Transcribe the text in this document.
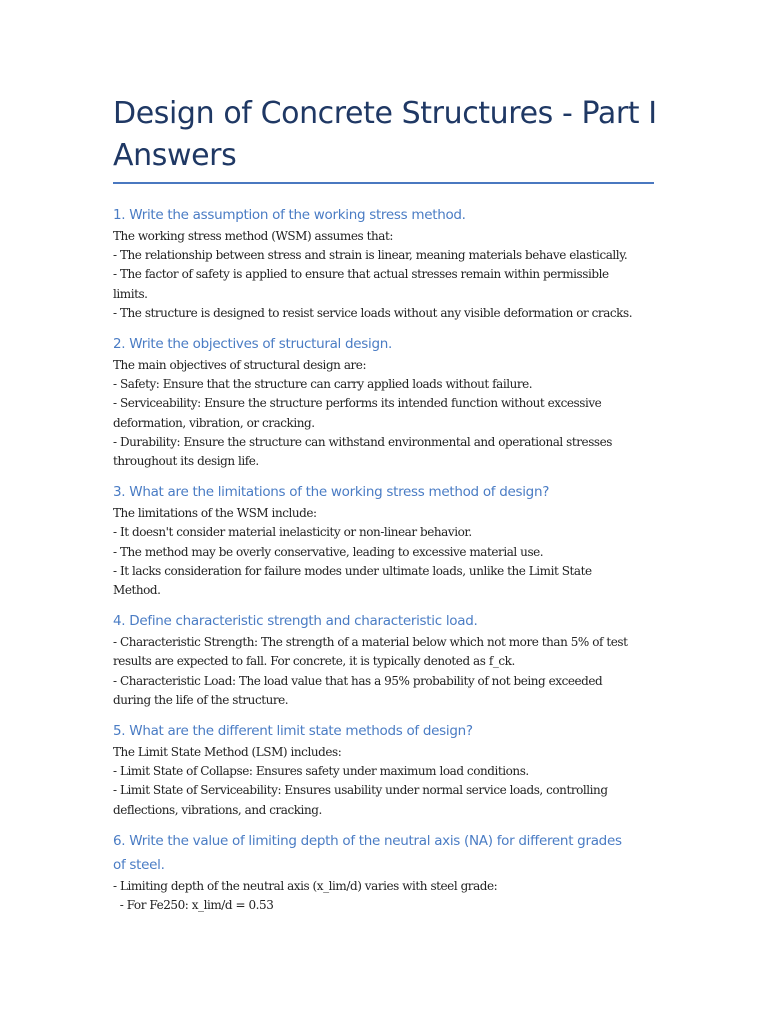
Design of Concrete Structures - Part I
Answers
1. Write the assumption of the working stress method.

The working stress method (WSM) assumes that:

- The relationship between stress and strain is linear, meaning materials behave elastically.

- The factor of safety is applied to ensure that actual stresses remain within permissible

limits.

- The structure is designed to resist service loads without any visible deformation or cracks.

2. Write the objectives of structural design.

The main objectives of structural design are:

- Safety: Ensure that the structure can carry applied loads without failure.

- Serviceability: Ensure the structure performs its intended function without excessive

deformation, vibration, or cracking.

- Durability: Ensure the structure can withstand environmental and operational stresses

throughout its design life.

3. What are the limitations of the working stress method of design?

The limitations of the WSM include:

- It doesn't consider material inelasticity or non-linear behavior.

- The method may be overly conservative, leading to excessive material use.

- It lacks consideration for failure modes under ultimate loads, unlike the Limit State

Method.

4. Define characteristic strength and characteristic load.

- Characteristic Strength: The strength of a material below which not more than 5% of test

results are expected to fall. For concrete, it is typically denoted as f_ck.

- Characteristic Load: The load value that has a 95% probability of not being exceeded

during the life of the structure.

5. What are the different limit state methods of design?

The Limit State Method (LSM) includes:

- Limit State of Collapse: Ensures safety under maximum load conditions.

- Limit State of Serviceability: Ensures usability under normal service loads, controlling

deflections, vibrations, and cracking.

6. Write the value of limiting depth of the neutral axis (NA) for different grades
of steel.

- Limiting depth of the neutral axis (x_lim/d) varies with steel grade:

- For Fe250: x_lim/d = 0.53
